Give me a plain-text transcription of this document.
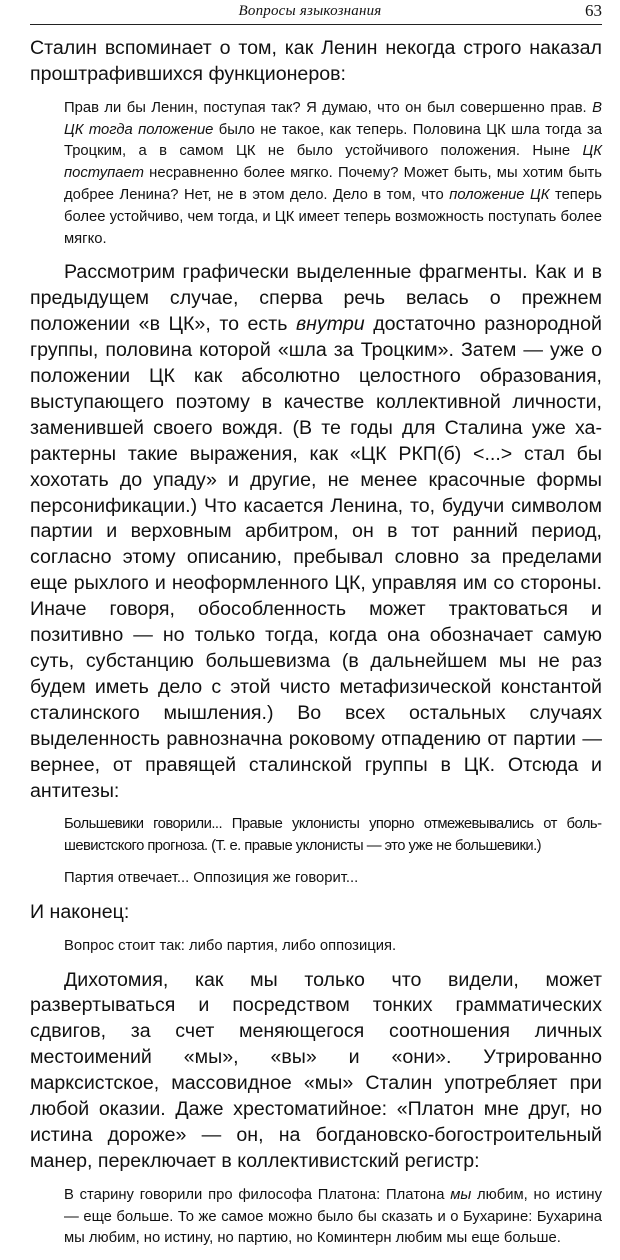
Вопросы языкознания	63

Сталин вспоминает о том, как Ленин некогда строго наказал проштрафившихся функционеров:

Прав ли бы Ленин, поступая так? Я думаю, что он был совершенно прав. В ЦК тогда положение было не такое, как теперь. Половина ЦК шла тогда за Троцким, а в самом ЦК не было устойчивого положения. Ныне ЦК поступает несравненно более мягко. Почему? Может быть, мы хотим быть добрее Ленина? Нет, не в этом дело. Дело в том, что положение ЦК теперь более устойчиво, чем тогда, и ЦК имеет теперь возможность поступать более мягко.

Рассмотрим графически выделенные фрагменты. Как и в предыдущем случае, сперва речь велась о прежнем положении «в ЦК», то есть внутри достаточно разнородной группы, половина которой «шла за Троцким». Затем — уже о положении ЦК как абсолютно целостного образования, выступающего поэтому в качестве коллективной личности, заменившей своего вождя. (В те годы для Сталина уже характерны такие выражения, как «ЦК РКП(б) <...> стал бы хохотать до упаду» и другие, не менее красочные формы персонификации.) Что касается Ленина, то, будучи символом партии и верховным арбитром, он в тот ранний период, согласно этому описанию, пребывал словно за пределами еще рыхлого и неоформленного ЦК, управляя им со стороны. Иначе говоря, обособленность может трактоваться и позитивно — но только тогда, когда она обозначает самую суть, субстанцию большевизма (в дальнейшем мы не раз будем иметь дело с этой чисто метафизической константой сталинского мышления.) Во всех остальных случаях выделенность равнозначна роковому отпадению от партии — вернее, от правящей сталинской группы в ЦК. Отсюда и антитезы:

Большевики говорили... Правые уклонисты упорно отмежевывались от большевистского прогноза. (Т. е. правые уклонисты — это уже не большевики.)

Партия отвечает... Оппозиция же говорит...

И наконец:

Вопрос стоит так: либо партия, либо оппозиция.

Дихотомия, как мы только что видели, может развертываться и посредством тонких грамматических сдвигов, за счет меняющегося соотношения личных местоимений «мы», «вы» и «они». Утрированно марксистское, массовидное «мы» Сталин употребляет при любой оказии. Даже хрестоматийное: «Платон мне друг, но истина дороже» — он, на богдановско-богостроительный манер, переключает в коллективистский регистр:

В старину говорили про философа Платона: Платона мы любим, но истину — еще больше. То же самое можно было бы сказать и о Бухарине: Бухарина мы любим, но истину, но партию, но Коминтерн любим мы еще больше.
